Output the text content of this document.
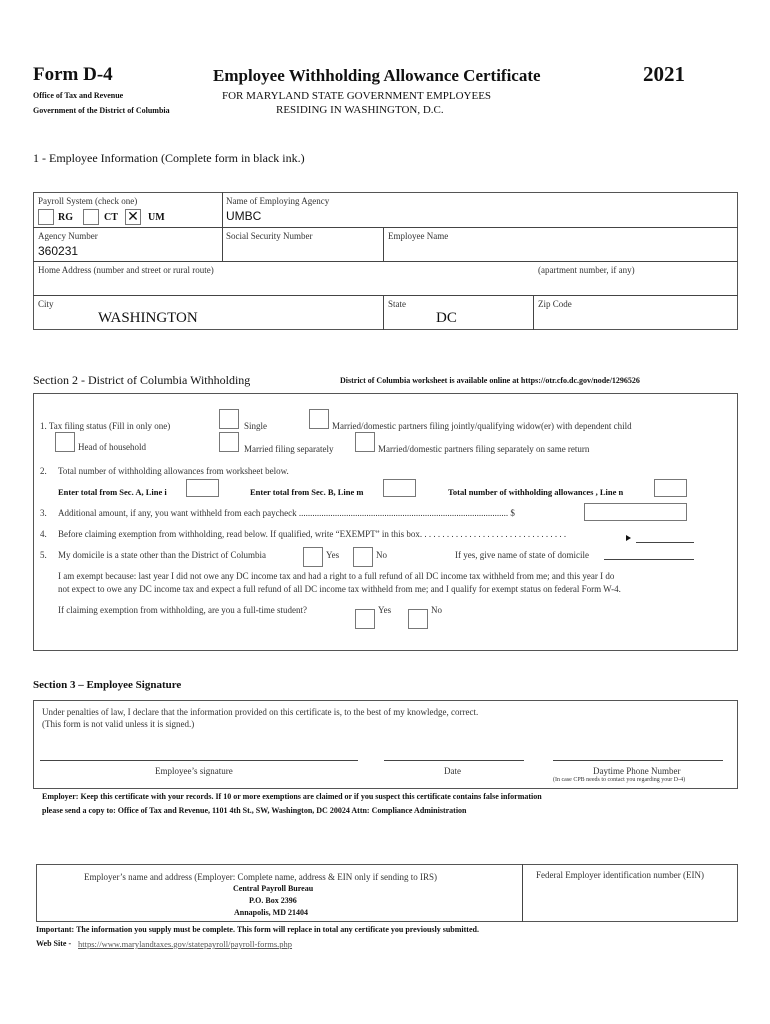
Form D-4
Office of Tax and Revenue
Government of the District of Columbia
Employee Withholding Allowance Certificate
FOR MARYLAND STATE GOVERNMENT EMPLOYEES
RESIDING IN WASHINGTON, D.C.
2021
1 - Employee Information (Complete form in black ink.)
Payroll System (check one)
RG	CT ✕ UM
Name of Employing Agency
UMBC
Agency Number
360231
Social Security Number	Employee Name
Home Address (number and street or rural route)	(apartment number, if any)
City
WASHINGTON
State
DC
Zip Code
Section 2 - District of Columbia Withholding	District of Columbia worksheet is available online at https://otr.cfo.dc.gov/node/1296526
1. Tax filing status (Fill in only one)	Single	Married/domestic partners filing jointly/qualifying widow(er) with dependent child
Head of household	Married filing separately	Married/domestic partners filing separately on same return
2. Total number of withholding allowances from worksheet below.
Enter total from Sec. A, Line i	Enter total from Sec. B, Line m	Total number of withholding allowances , Line n
3. Additional amount, if any, you want withheld from each paycheck ............................................................................................. $
4. Before claiming exemption from withholding, read below. If qualified, write “EXEMPT” in this box. . . . . . . . . . . . . . . . . . . . . . . . . . . . . . . . .
5. My domicile is a state other than the District of Columbia	Yes	No	If yes, give name of state of domicile
I am exempt because: last year I did not owe any DC income tax and had a right to a full refund of all DC income tax withheld from me; and this year I do
not expect to owe any DC income tax and expect a full refund of all DC income tax withheld from me; and I qualify for exempt status on federal Form W-4.
If claiming exemption from withholding, are you a full-time student?	Yes	No
Section 3 – Employee Signature
Under penalties of law, I declare that the information provided on this certificate is, to the best of my knowledge, correct.
(This form is not valid unless it is signed.)
Employee’s signature	Date	Daytime Phone Number
(In case CPB needs to contact you regarding your D-4)
Employer: Keep this certificate with your records. If 10 or more exemptions are claimed or if you suspect this certificate contains false information
please send a copy to: Office of Tax and Revenue, 1101 4th St., SW, Washington, DC 20024 Attn: Compliance Administration
Employer’s name and address (Employer: Complete name, address & EIN only if sending to IRS)
Central Payroll Bureau
P.O. Box 2396
Annapolis, MD 21404
Federal Employer identification number (EIN)
Important: The information you supply must be complete. This form will replace in total any certificate you previously submitted.
Web Site - https://www.marylandtaxes.gov/statepayroll/payroll-forms.php
